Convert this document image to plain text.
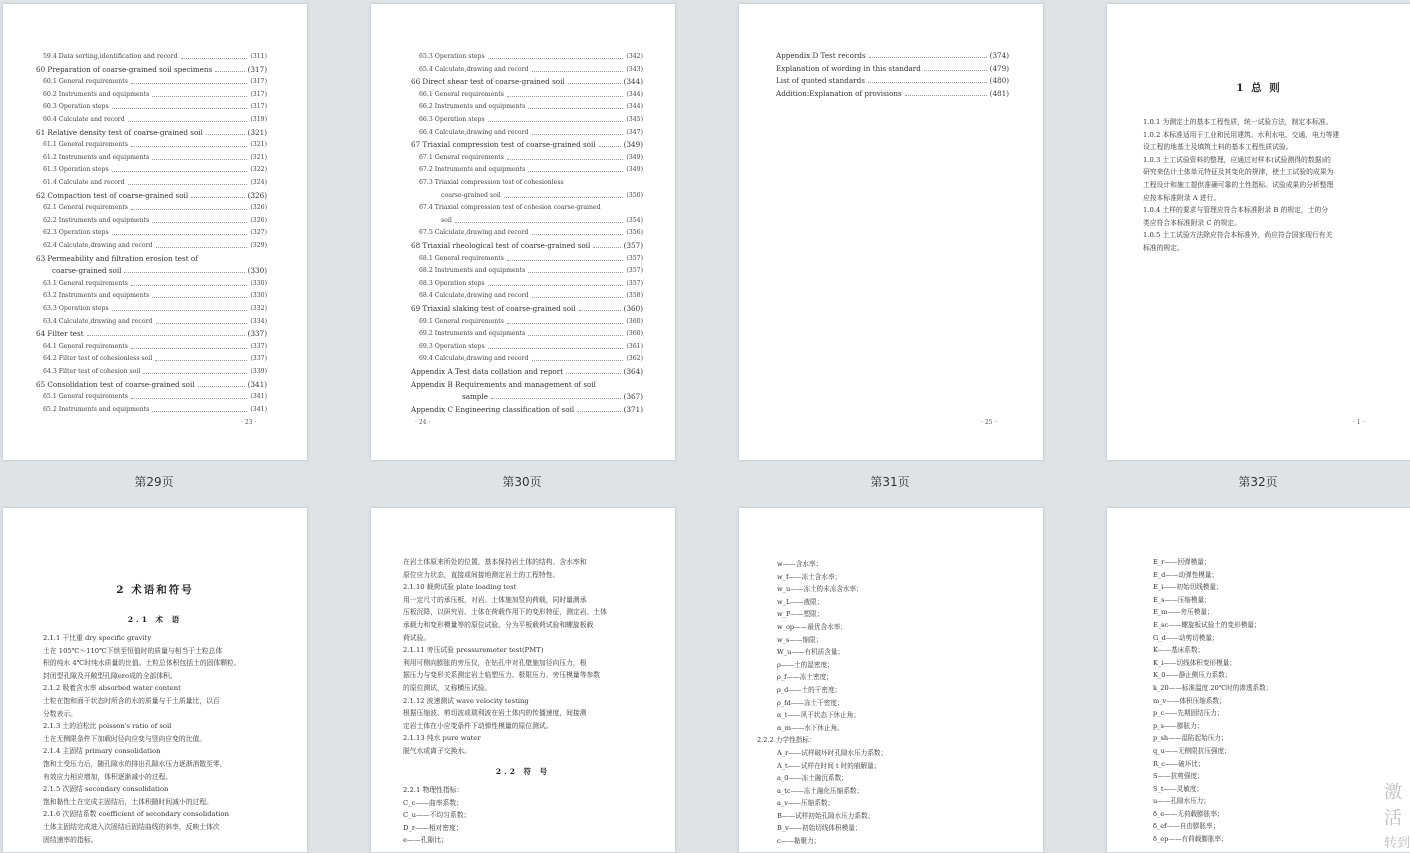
59.4 Data sorting,identification and record	(311)
60 Preparation of coarse-grained soil specimens	(317)
60.1 General requirements	(317)
60.2 Instruments and equipments	(317)
60.3 Operation steps	(317)
60.4 Calculate and record	(319)
61 Relative density test of coarse-grained soil	(321)
61.1 General requirements	(321)
61.2 Instruments and equipments	(321)
61.3 Operation steps	(322)
61.4 Calculate and record	(324)
62 Compaction test of coarse-grained soil	(326)
62.1 General requirements	(326)
62.2 Instruments and equipments	(326)
62.3 Operation steps	(327)
62.4 Calculate,drawing and record	(329)
63 Permeability and filtration erosion test of
coarse-grained soil	(330)
63.1 General requirements	(330)
63.2 Instruments and equipments	(330)
63.3 Operation steps	(332)
63.4 Calculate,drawing and record	(334)
64 Filter test	(337)
64.1 General requirements	(337)
64.2 Filter test of cohesionless soil	(337)
64.3 Filter test of cohesion soil	(339)
65 Consolidation test of coarse-grained soil	(341)
65.1 General requirements	(341)
65.2 Instruments and equipments	(341)
· 23 ·
第29页
65.3 Operation steps	(342)
65.4 Calculate,drawing and record	(343)
66 Direct shear test of coarse-grained soil	(344)
66.1 General requirements	(344)
66.2 Instruments and equipments	(344)
66.3 Operation steps	(345)
66.4 Calculate,drawing and record	(347)
67 Triaxial compression test of coarse-grained soil	(349)
67.1 General requirements	(349)
67.2 Instruments and equipments	(349)
67.3 Triaxial compression test of cohesionless
coarse-grained soil	(350)
67.4 Triaxial compression test of cohesion coarse-grained
soil	(354)
67.5 Calculate,drawing and record	(356)
68 Triaxial rheological test of coarse-grained soil	(357)
68.1 General requirements	(357)
68.2 Instruments and equipments	(357)
68.3 Operation steps	(357)
68.4 Calculate,drawing and record	(358)
69 Triaxial slaking test of coarse-grained soil	(360)
69.1 General requirements	(360)
69.2 Instruments and equipments	(360)
69.3 Operation steps	(361)
69.4 Calculate,drawing and record	(362)
Appendix A Test data collation and report	(364)
Appendix B Requirements and management of soil
sample	(367)
Appendix C Engineering classification of soil	(371)
· 24 ·
第30页
Appendix D Test records	(374)
Explanation of wording in this standard	(479)
List of quoted standards	(480)
Addition:Explanation of provisions	(481)
· 25 ·
第31页
1 总 则

1.0.1 为测定土的基本工程性质，统一试验方法，制定本标准。

1.0.2 本标准适用于工业和民用建筑、水利水电、交通、电力等建

设工程的地基土及填筑土料的基本工程性质试验。

1.0.3 土工试验资料的整理，应通过对样本(试验测得的数据)的

研究来估计土体单元特征及其变化的规律，使土工试验的成果为

工程设计和施工提供准确可靠的土性指标。试验成果的分析整理

应按本标准附录 A 进行。

1.0.4 土样的要求与管理应符合本标准附录 B 的规定，土的分

类应符合本标准附录 C 的规定。

1.0.5 土工试验方法除应符合本标准外，尚应符合国家现行有关

标准的规定。

· 1 ·
第32页
2 术语和符号
2.1 术 语

2.1.1 干比重 dry specific gravity

土在 105℃～110℃下烘至恒值时的质量与相当于土粒总体

积的纯水 4℃时纯水质量的比值。土粒总体积包括土的固体颗粒、

封闭型孔隙及开敞型孔隙ero成的全部体积。

2.1.2 吸着含水率 absorbed water content

土粒在饱和面干状态时所含的水的质量与干土质量比，以百

分数表示。

2.1.3 土的泊松比 poisson's ratio of soil

土在无侧限条件下加载时径向应变与竖向应变的比值。

2.1.4 主固结 primary consolidation

饱和土受压力后，随孔隙水的排出孔隙水压力逐渐消散至零，

有效应力相应增加，体积逐渐减小的过程。

2.1.5 次固结 secondary consolidation

饱和黏性土在完成主固结后，土体积随时间减小的过程。

2.1.6 次固结系数 coefficient of secondary consolidation

土体主固结完成进入次固结后固结曲线的斜率，反映土体次

固结速率的指标。

在岩土体原来所处的位置，基本保持岩土体的结构、含水率和

原位应力状态，直接或间接地测定岩土的工程特性。

2.1.10 载荷试验 plate loading test

用一定尺寸的承压板，对岩、土体施加竖向荷载，同时量测承

压板沉降，以研究岩、土体在荷载作用下的变形特征，测定岩、土体

承载力和变形模量等的原位试验。分为平板载荷试验和螺旋板载

荷试验。

2.1.11 旁压试验 pressuremeter test(PMT)

利用可侧向膨胀的旁压仪，在钻孔中对孔壁施加径向压力，根

据压力与变形关系测定岩土临塑压力、极限压力、旁压模量等参数

的原位测试，又称横压试验。

2.1.12 波速测试 wave velocity testing

根据压缩波、剪切波或瑞利波在岩土体内的传播速度，间接测

定岩土体在小应变条件下动弹性模量的原位测试。

2.1.13 纯水 pure water

脱气水或离子交换水。

2.2 符 号

2.2.1 物理性指标：

C_c——曲率系数；

C_u——不均匀系数；

D_r——相对密度；

e——孔隙比；

w——含水率；
w_f——冻土含水率；
w_u——冻土的未冻含水率；
w_L——液限；
w_P——塑限；
w_op——最优含水率；
w_s——缩限；
W_u——有机质含量；
ρ——土的湿密度；
ρ_f——冻土密度；
ρ_d——土的干密度；
ρ_fd——冻土干密度；
α_t——风干状态下休止角；
α_m——水下休止角。
2.2.2 力学性指标：
A_r——试样破坏时孔隙水压力系数；
A_t——试样在时间 t 时的崩解量；
a_0——冻土融沉系数；
a_tc——冻土融化压缩系数；
a_v——压缩系数；
B——试样初始孔隙水压力系数；
B_v——初始切线体积模量；
c——黏聚力；
E_r——回弹模量；
E_d——动弹性模量；
E_i——初始切线模量；
E_s——压缩模量；
E_m——旁压模量；
E_sc——螺旋板试验土的变形模量；
G_d——动剪切模量；
K——基床系数；
K_i——切线体积变形模量；
K_0——静止侧压力系数；
k_20——标准温度 20℃时的渗透系数；
m_v——体积压缩系数；
p_c——先期固结压力；
p_s——膨胀力；
p_sh——湿陷起始压力；
q_u——无侧限抗压强度；
R_c——破坏比；
S——抗剪强度；
S_t——灵敏度；
u——孔隙水压力；
δ_e——无荷载膨胀率；
δ_ef——自由膨胀率；
δ_ep——有荷载膨胀率；
激活
转到
